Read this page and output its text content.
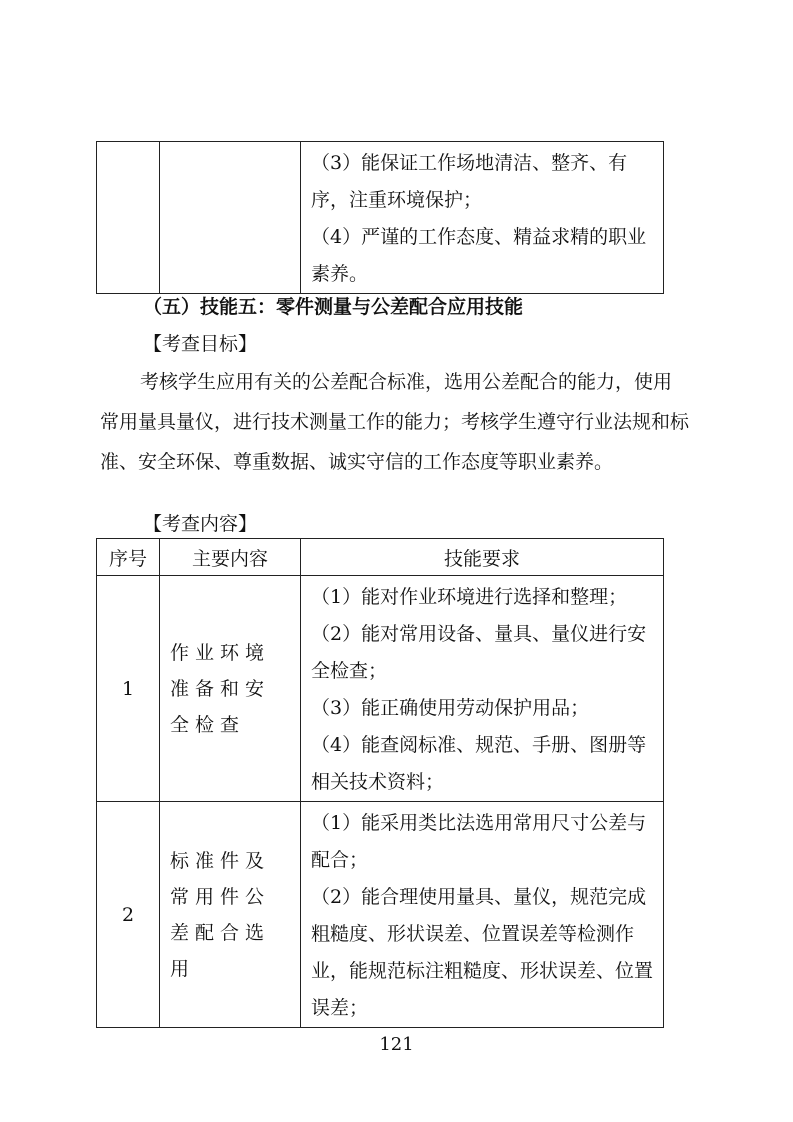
（3）能保证工作场地清洁、整齐、有序，注重环境保护；
（4）严谨的工作态度、精益求精的职业素养。
（五）技能五：零件测量与公差配合应用技能
【考查目标】
考核学生应用有关的公差配合标准，选用公差配合的能力，使用常用量具量仪，进行技术测量工作的能力；考核学生遵守行业法规和标准、安全环保、尊重数据、诚实守信的工作态度等职业素养。
【考查内容】
序号	主要内容	技能要求
1	作业环境准备和安全检查	（1）能对作业环境进行选择和整理；
（2）能对常用设备、量具、量仪进行安全检查；
（3）能正确使用劳动保护用品；
（4）能查阅标准、规范、手册、图册等相关技术资料；

2	标准件及常用件公差配合选用	（1）能采用类比法选用常用尺寸公差与配合；
（2）能合理使用量具、量仪，规范完成粗糙度、形状误差、位置误差等检测作业，能规范标注粗糙度、形状误差、位置误差；
121
